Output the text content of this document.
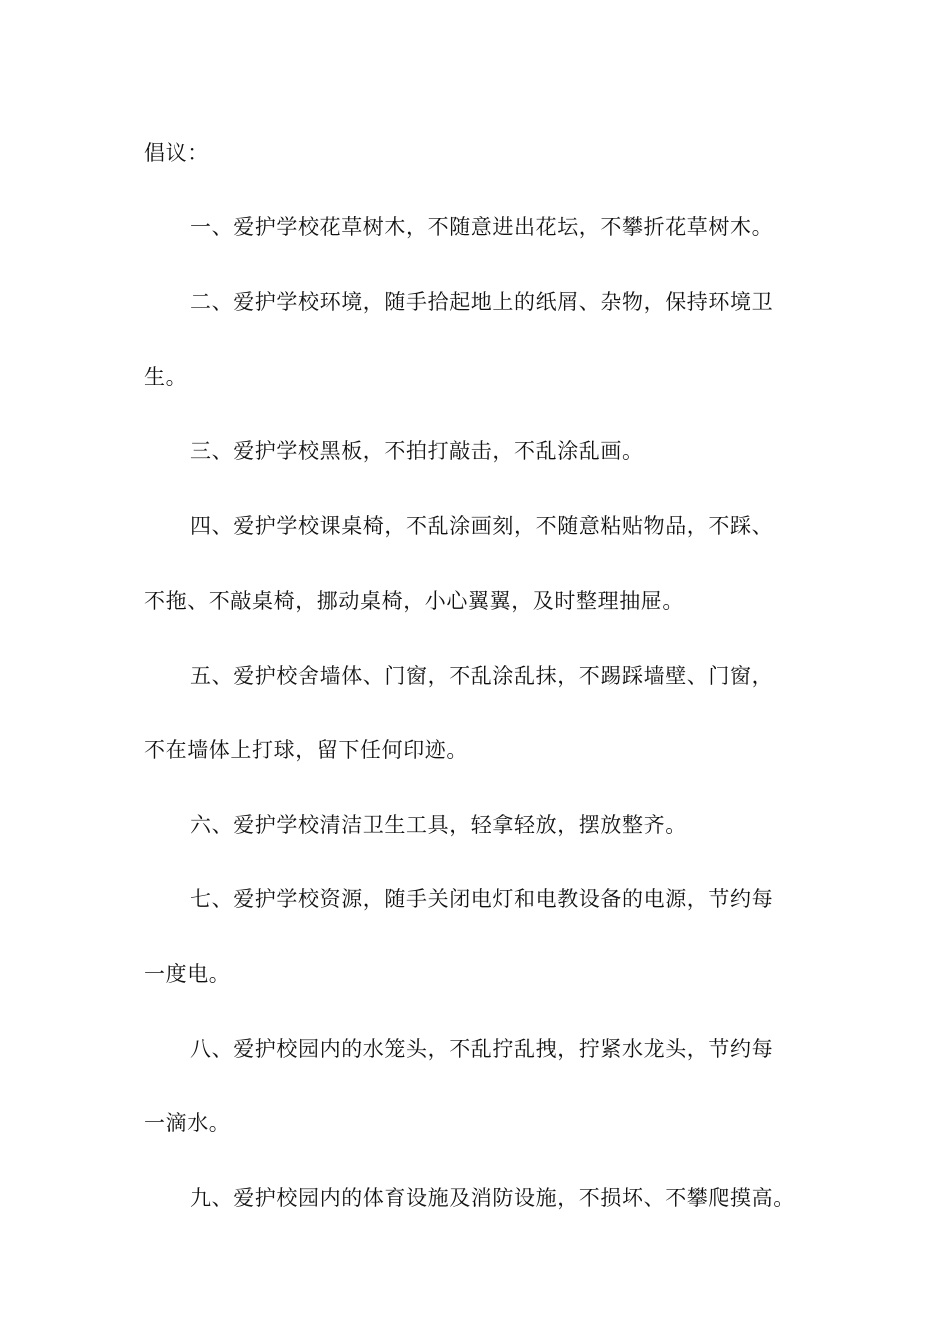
倡议：
一、爱护学校花草树木，不随意进出花坛，不攀折花草树木。
二、爱护学校环境，随手拾起地上的纸屑、杂物，保持环境卫
生。
三、爱护学校黑板，不拍打敲击，不乱涂乱画。
四、爱护学校课桌椅，不乱涂画刻，不随意粘贴物品，不踩、
不拖、不敲桌椅，挪动桌椅，小心翼翼，及时整理抽屉。
五、爱护校舍墙体、门窗，不乱涂乱抹，不踢踩墙壁、门窗，
不在墙体上打球，留下任何印迹。
六、爱护学校清洁卫生工具，轻拿轻放，摆放整齐。
七、爱护学校资源，随手关闭电灯和电教设备的电源，节约每
一度电。
八、爱护校园内的水笼头，不乱拧乱拽，拧紧水龙头，节约每
一滴水。
九、爱护校园内的体育设施及消防设施，不损坏、不攀爬摸高。
